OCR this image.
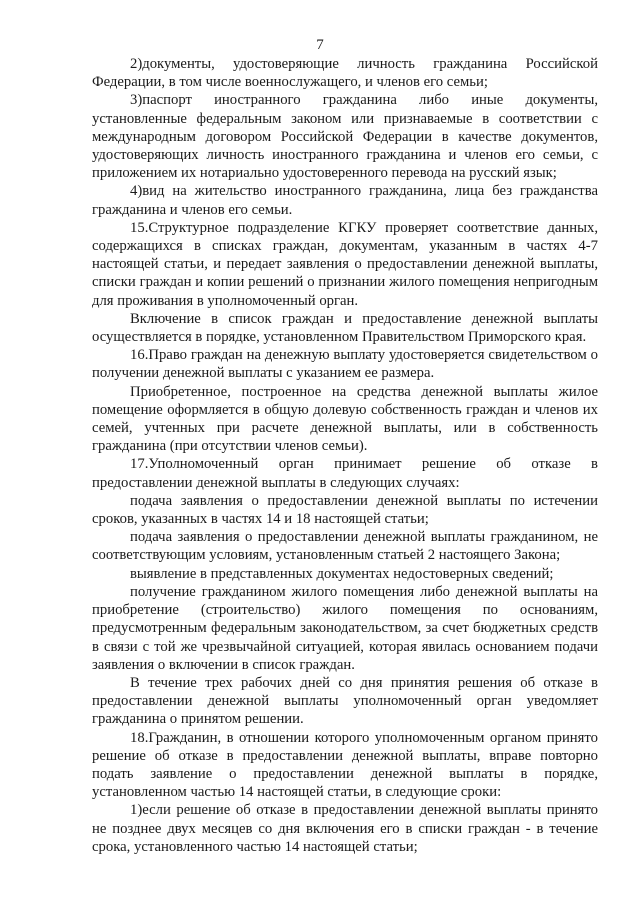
7

2)документы, удостоверяющие личность гражданина Российской Федерации, в том числе военнослужащего, и членов его семьи;

3)паспорт иностранного гражданина либо иные документы, установленные федеральным законом или признаваемые в соответствии с международным договором Российской Федерации в качестве документов, удостоверяющих личность иностранного гражданина и членов его семьи, с приложением их нотариально удостоверенного перевода на русский язык;

4)вид на жительство иностранного гражданина, лица без гражданства гражданина и членов его семьи.

15.Структурное подразделение КГКУ проверяет соответствие данных, содержащихся в списках граждан, документам, указанным в частях 4-7 настоящей статьи, и передает заявления о предоставлении денежной выплаты, списки граждан и копии решений о признании жилого помещения непригодным для проживания в уполномоченный орган.

Включение в список граждан и предоставление денежной выплаты осуществляется в порядке, установленном Правительством Приморского края.

16.Право граждан на денежную выплату удостоверяется свидетельством о получении денежной выплаты с указанием ее размера.

Приобретенное, построенное на средства денежной выплаты жилое помещение оформляется в общую долевую собственность граждан и членов их семей, учтенных при расчете денежной выплаты, или в собственность гражданина (при отсутствии членов семьи).

17.Уполномоченный орган принимает решение об отказе в предоставлении денежной выплаты в следующих случаях:

подача заявления о предоставлении денежной выплаты по истечении сроков, указанных в частях 14 и 18 настоящей статьи;

подача заявления о предоставлении денежной выплаты гражданином, не соответствующим условиям, установленным статьей 2 настоящего Закона;

выявление в представленных документах недостоверных сведений;

получение гражданином жилого помещения либо денежной выплаты на приобретение (строительство) жилого помещения по основаниям, предусмотренным федеральным законодательством, за счет бюджетных средств в связи с той же чрезвычайной ситуацией, которая явилась основанием подачи заявления о включении в список граждан.

В течение трех рабочих дней со дня принятия решения об отказе в предоставлении денежной выплаты уполномоченный орган уведомляет гражданина о принятом решении.

18.Гражданин, в отношении которого уполномоченным органом принято решение об отказе в предоставлении денежной выплаты, вправе повторно подать заявление о предоставлении денежной выплаты в порядке, установленном частью 14 настоящей статьи, в следующие сроки:

1)если решение об отказе в предоставлении денежной выплаты принято не позднее двух месяцев со дня включения его в списки граждан - в течение срока, установленного частью 14 настоящей статьи;
